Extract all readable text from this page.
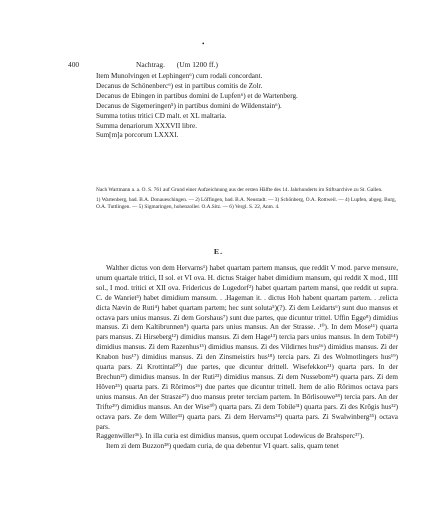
•
400	Nachtrag. (Um 1200 ff.)
Item Munolvingen et Lephingen⁶) cum rodali concordant.
Decanus de Schönenberc⁶) est in partibus comitis de Zolr.
Decanus de Ebingen in partibus domini de Lupfen⁶) et de Wartenberg.
Decanus de Sigemeringen⁵) in partibus domini de Wildenstain⁶).
Summa totius tritici CD malt. et XL maltaria.
Summa denariorum XXXVII libre.
Sum[m]a porcorum LXXXI.

Nach Wartmann a. a. O. S. 761 auf Grund einer Aufzeichnung aus der ersten Hälfte des 14. Jahrhunderts im Stiftsarchive zu St. Gallen.

1) Wartenberg, bad. B.A. Donaueschingen. — 2) Löffingen, bad. B.A. Neustadt. — 3) Schönberg, O.A. Rottweil. — 4) Lupfen, abgeg. Burg, O.A. Tuttlingen. — 5) Sigmaringen, hohenzoller. O.A.Sitz. — 6) Vergl. S. 22, Anm. 4.
E.

Walther dictus von dem Hervarns¹) habet quartam partem mansus, que reddit V mod. parve mensure, unum quartale tritici, II sol. et VI ova. H. dictus Staiger habet dimidium mansum, qui reddit X mod., IIII sol., I mod. tritici et XII ova. Fridericus de Lugedorf²) habet quartam partem mansi, que reddit ut supra. C. de Wanriet³) habet dimidium mansum. . .Hageman it. . dictus Hoh habent quartam partem. . .relicta dicta Nævin de Ruti⁴) habet quartam partem; hec sunt soluta⁵)(?). Zi dem Leidarts⁶) sunt duo mansus et octava pars unius mansus. Zi dem Gorshaus⁷) sunt due partes, que dicuntur trittel. Uffin Egge⁸) dimidius mansus. Zi dem Kaltibrunnen⁹) quarta pars unius mansus. An der Strasse. .¹⁰). In dem Mose¹¹) quarta pars mansus. Zi Hirseberg¹²) dimidius mansus. Zi dem Hage¹³) tercia pars unius mansus. In dem Tobil¹⁴) dimidius mansus. Zi dem Razenhus¹⁵) dimidius mansus. Zi des Vildirnes hus¹⁶) dimidius mansus. Zi der Knabon hus¹⁷) dimidius mansus. Zi den Zinsmeistirs hus¹⁸) tercia pars. Zi des Wolmotlingers hus¹⁹) quarta pars. Zi Krottintal²⁰) due partes, que dicuntur drittell. Wisefekkon²¹) quarta pars. In der Brechun²²) dimidius mansus. In der Ruti²³) dimidius mansus. Zi dem Nussebom²⁴) quarta pars. Zi dem Hôven²⁵) quarta pars. Zi Rôrimos²⁶) due partes que dicuntur trittell. Item de alio Rôrimos octava pars unius mansus. An der Strasze²⁷) duo mansus preter terciam partem. In Bôrlisouwe²⁸) tercia pars. An der Trifte²⁹) dimidius mansus. An der Wise³⁰) quarta pars. Zi dem Tobile³¹) quarta pars. Zi des Krôgis hus³²) octava pars. Ze dem Willer³³) quarta pars. Zi dem Hervarns³⁴) quarta pars. Zi Swalwinberg³⁵) octava pars.

Raggenwiller³⁶). In illa curia est dimidius mansus, quem occupat Lodewicus de Brahsperc³⁷).

Item zi dem Buzzon³⁸) quedam curia, de qua debentur VI quart. salis, quam tenet
